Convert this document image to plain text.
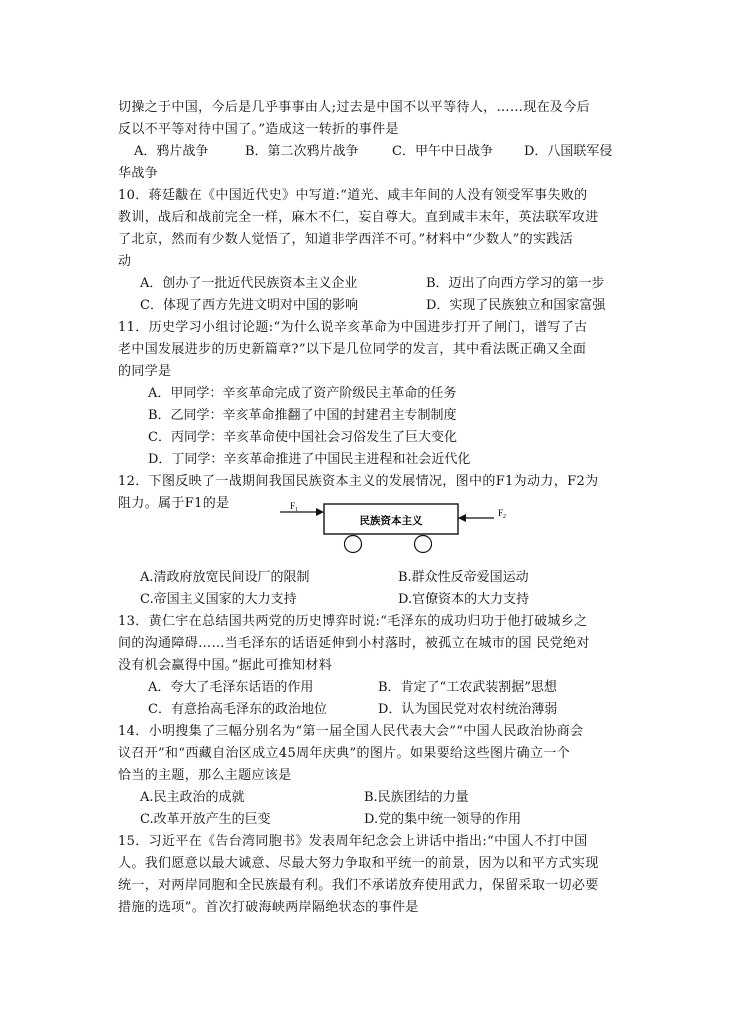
切操之于中国，今后是几乎事事由人;过去是中国不以平等待人，……现在及今后
反以不平等对待中国了。”造成这一转折的事件是
A．鸦片战争	B．第二次鸦片战争	C．甲午中日战争 D．八国联军侵
华战争
10．蒋廷黻在《中国近代史》中写道:“道光、咸丰年间的人没有领受军事失败的
教训，战后和战前完全一样，麻木不仁，妄自尊大。直到咸丰末年，英法联军攻进
了北京，然而有少数人觉悟了，知道非学西洋不可。”材料中“少数人”的实践活
动
A．创办了一批近代民族资本主义企业	B．迈出了向西方学习的第一步
C．体现了西方先进文明对中国的影响	D．实现了民族独立和国家富强
11．历史学习小组讨论题:“为什么说辛亥革命为中国进步打开了闸门，谱写了古
老中国发展进步的历史新篇章?”以下是几位同学的发言，其中看法既正确又全面
的同学是
A．甲同学：辛亥革命完成了资产阶级民主革命的任务
B．乙同学：辛亥革命推翻了中国的封建君主专制制度
C．丙同学：辛亥革命使中国社会习俗发生了巨大变化
D．丁同学：辛亥革命推进了中国民主进程和社会近代化
12．下图反映了一战期间我国民族资本主义的发展情况，图中的F1为动力，F2为
阻力。属于F1的是	$F_1$
民族资本主义
$F_2$
A.清政府放宽民间设厂的限制	B.群众性反帝爱国运动
C.帝国主义国家的大力支持	D.官僚资本的大力支持
13．黄仁宇在总结国共两党的历史博弈时说:“毛泽东的成功归功于他打破城乡之
间的沟通障碍……当毛泽东的话语延伸到小村落时，被孤立在城市的国 民党绝对
没有机会赢得中国。”据此可推知材料
A．夸大了毛泽东话语的作用	B．肯定了“工农武装割据”思想
C．有意抬高毛泽东的政治地位	D．认为国民党对农村统治薄弱
14．小明搜集了三幅分别名为“第一届全国人民代表大会”“中国人民政治协商会
议召开”和“西藏自治区成立45周年庆典”的图片。如果要给这些图片确立一个
恰当的主题，那么主题应该是
A.民主政治的成就	B.民族团结的力量
C.改革开放产生的巨变	D.党的集中统一领导的作用
15．习近平在《告台湾同胞书》发表周年纪念会上讲话中指出:“中国人不打中国
人。我们愿意以最大诚意、尽最大努力争取和平统一的前景，因为以和平方式实现
统一，对两岸同胞和全民族最有利。我们不承诺放弃使用武力，保留采取一切必要
措施的选项”。首次打破海峡两岸隔绝状态的事件是
